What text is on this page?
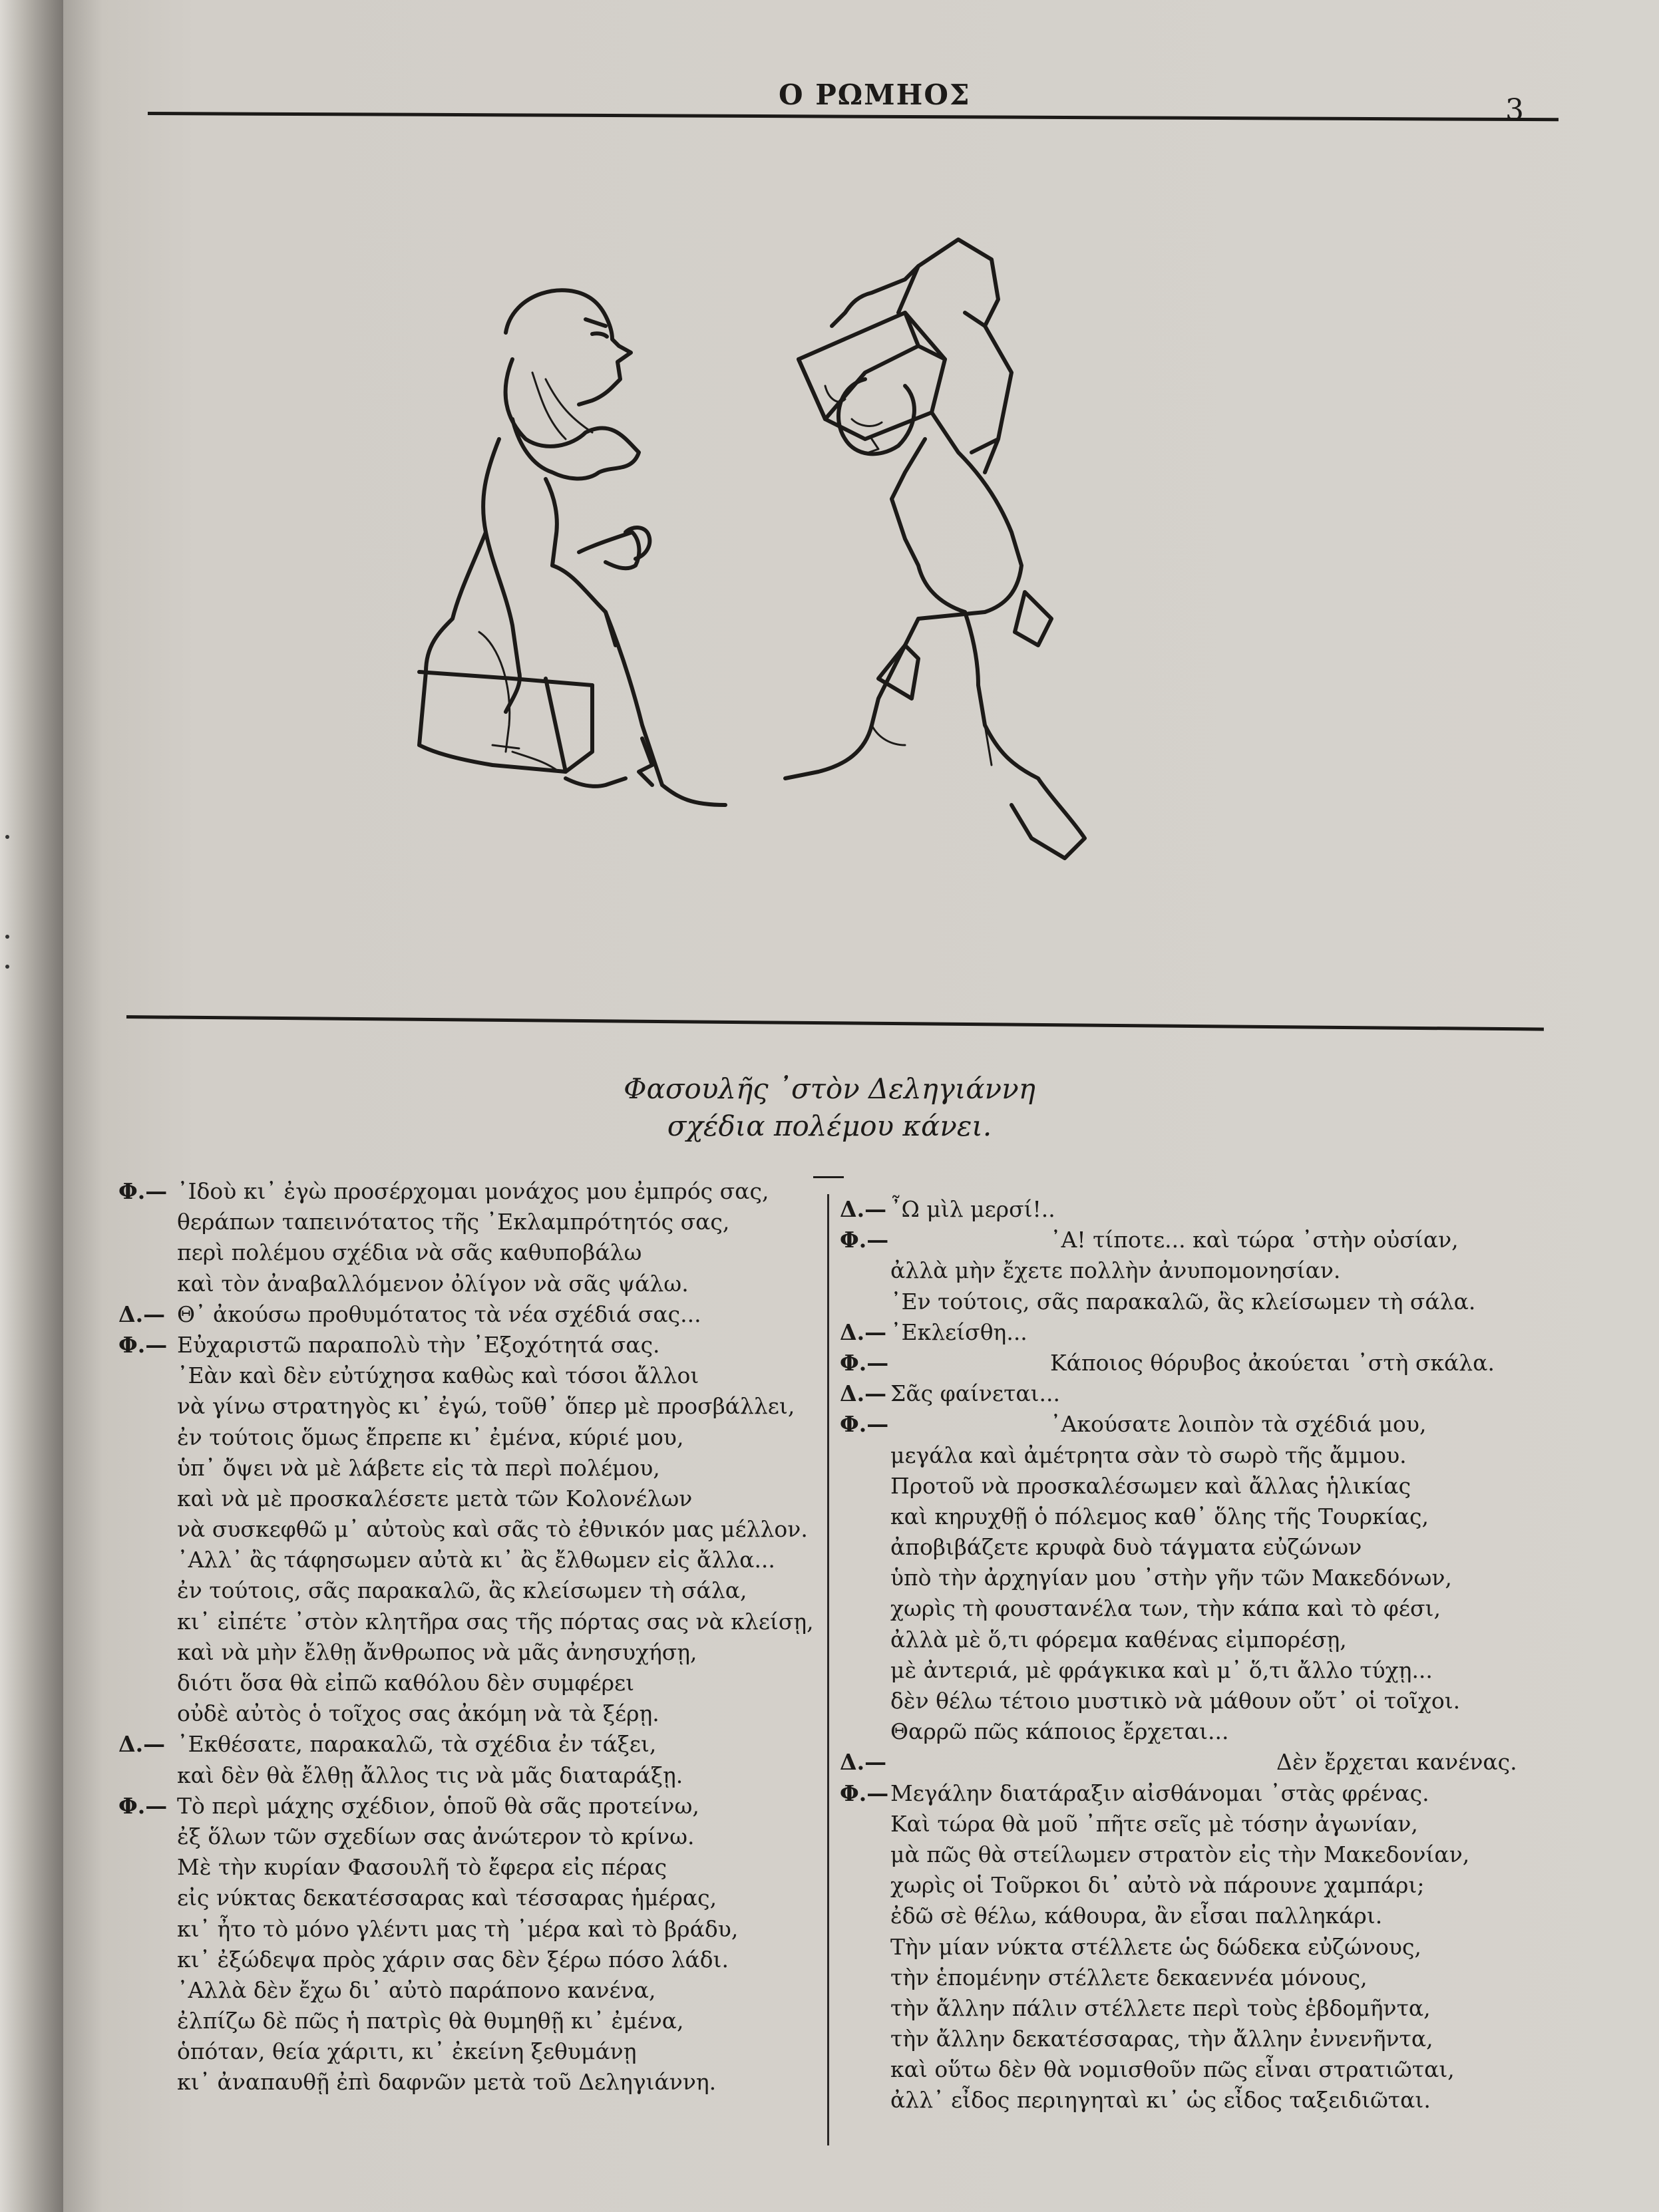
Ο ΡΩΜΗΟΣ	3
Φασουλῆς ᾿στὸν Δεληγιάννη
σχέδια πολέμου κάνει.
Φ.— ᾿Ιδοὺ κι᾿ ἐγὼ προσέρχομαι μονάχος μου ἐμπρός σας,
θεράπων ταπεινότατος τῆς ᾿Εκλαμπρότητός σας,
περὶ πολέμου σχέδια νὰ σᾶς καθυποβάλω
καὶ τὸν ἀναβαλλόμενον ὀλίγον νὰ σᾶς ψάλω.
Δ.— Θ᾿ ἀκούσω προθυμότατος τὰ νέα σχέδιά σας...
Φ.— Εὐχαριστῶ παραπολὺ τὴν ᾿Εξοχότητά σας.
᾿Εὰν καὶ δὲν εὐτύχησα καθὼς καὶ τόσοι ἄλλοι
νὰ γίνω στρατηγὸς κι᾿ ἐγώ, τοῦθ᾿ ὅπερ μὲ προσβάλλει,
ἐν τούτοις ὅμως ἔπρεπε κι᾿ ἐμένα, κύριέ μου,
ὑπ᾿ ὄψει νὰ μὲ λάβετε εἰς τὰ περὶ πολέμου,
καὶ νὰ μὲ προσκαλέσετε μετὰ τῶν Κολονέλων
νὰ συσκεφθῶ μ᾿ αὐτοὺς καὶ σᾶς τὸ ἐθνικόν μας μέλλον.
᾿Αλλ᾿ ἂς τάφησωμεν αὐτὰ κι᾿ ἂς ἔλθωμεν εἰς ἄλλα...
ἐν τούτοις, σᾶς παρακαλῶ, ἂς κλείσωμεν τὴ σάλα,
κι᾿ εἰπέτε ᾿στὸν κλητῆρα σας τῆς πόρτας σας νὰ κλείσῃ,
καὶ νὰ μὴν ἔλθῃ ἄνθρωπος νὰ μᾶς ἀνησυχήσῃ,
διότι ὅσα θὰ εἰπῶ καθόλου δὲν συμφέρει
οὐδὲ αὐτὸς ὁ τοῖχος σας ἀκόμη νὰ τὰ ξέρῃ.
Δ.— ᾿Εκθέσατε, παρακαλῶ, τὰ σχέδια ἐν τάξει,
καὶ δὲν θὰ ἔλθῃ ἄλλος τις νὰ μᾶς διαταράξῃ.
Φ.— Τὸ περὶ μάχης σχέδιον, ὁποῦ θὰ σᾶς προτείνω,
ἐξ ὅλων τῶν σχεδίων σας ἀνώτερον τὸ κρίνω.
Μὲ τὴν κυρίαν Φασουλῆ τὸ ἔφερα εἰς πέρας
εἰς νύκτας δεκατέσσαρας καὶ τέσσαρας ἡμέρας,
κι᾿ ἦτο τὸ μόνο γλέντι μας τὴ ᾿μέρα καὶ τὸ βράδυ,
κι᾿ ἐξώδεψα πρὸς χάριν σας δὲν ξέρω πόσο λάδι.
᾿Αλλὰ δὲν ἔχω δι᾿ αὐτὸ παράπονο κανένα,
ἐλπίζω δὲ πῶς ἡ πατρὶς θὰ θυμηθῇ κι᾿ ἐμένα,
ὁπόταν, θεία χάριτι, κι᾿ ἐκείνη ξεθυμάνῃ
κι᾿ ἀναπαυθῇ ἐπὶ δαφνῶν μετὰ τοῦ Δεληγιάννη.
Δ.— ῏Ω μὶλ μερσί!..
Φ.—	᾿Α! τίποτε... καὶ τώρα ᾿στὴν οὐσίαν,
ἀλλὰ μὴν ἔχετε πολλὴν ἀνυπομονησίαν.
᾿Εν τούτοις, σᾶς παρακαλῶ, ἂς κλείσωμεν τὴ σάλα.
Δ.— ᾿Εκλείσθη...
Φ.—	Κάποιος θόρυβος ἀκούεται ᾿στὴ σκάλα.
Δ.— Σᾶς φαίνεται...
Φ.—	᾿Ακούσατε λοιπὸν τὰ σχέδιά μου,
μεγάλα καὶ ἀμέτρητα σὰν τὸ σωρὸ τῆς ἄμμου.
Προτοῦ νὰ προσκαλέσωμεν καὶ ἄλλας ἡλικίας
καὶ κηρυχθῇ ὁ πόλεμος καθ᾿ ὅλης τῆς Τουρκίας,
ἀποβιβάζετε κρυφὰ δυὸ τάγματα εὐζώνων
ὑπὸ τὴν ἀρχηγίαν μου ᾿στὴν γῆν τῶν Μακεδόνων,
χωρὶς τὴ φουστανέλα των, τὴν κάπα καὶ τὸ φέσι,
ἀλλὰ μὲ ὅ,τι φόρεμα καθένας εἰμπορέσῃ,
μὲ ἀντεριά, μὲ φράγκικα καὶ μ᾿ ὅ,τι ἄλλο τύχῃ...
δὲν θέλω τέτοιο μυστικὸ νὰ μάθουν οὔτ᾿ οἱ τοῖχοι.
Θαρρῶ πῶς κάποιος ἔρχεται...
Δ.—	Δὲν ἔρχεται κανένας.
Φ.—Μεγάλην διατάραξιν αἰσθάνομαι ᾿στὰς φρένας.
Καὶ τώρα θὰ μοῦ ᾿πῆτε σεῖς μὲ τόσην ἀγωνίαν,
μὰ πῶς θὰ στείλωμεν στρατὸν εἰς τὴν Μακεδονίαν,
χωρὶς οἱ Τοῦρκοι δι᾿ αὐτὸ νὰ πάρουνε χαμπάρι;
ἐδῶ σὲ θέλω, κάθουρα, ἂν εἶσαι παλληκάρι.
Τὴν μίαν νύκτα στέλλετε ὡς δώδεκα εὐζώνους,
τὴν ἑπομένην στέλλετε δεκαεννέα μόνους,
τὴν ἄλλην πάλιν στέλλετε περὶ τοὺς ἑβδομῆντα,
τὴν ἄλλην δεκατέσσαρας, τὴν ἄλλην ἐννενῆντα,
καὶ οὕτω δὲν θὰ νομισθοῦν πῶς εἶναι στρατιῶται,
ἀλλ᾿ εἶδος περιηγηταὶ κι᾿ ὡς εἶδος ταξειδιῶται.
